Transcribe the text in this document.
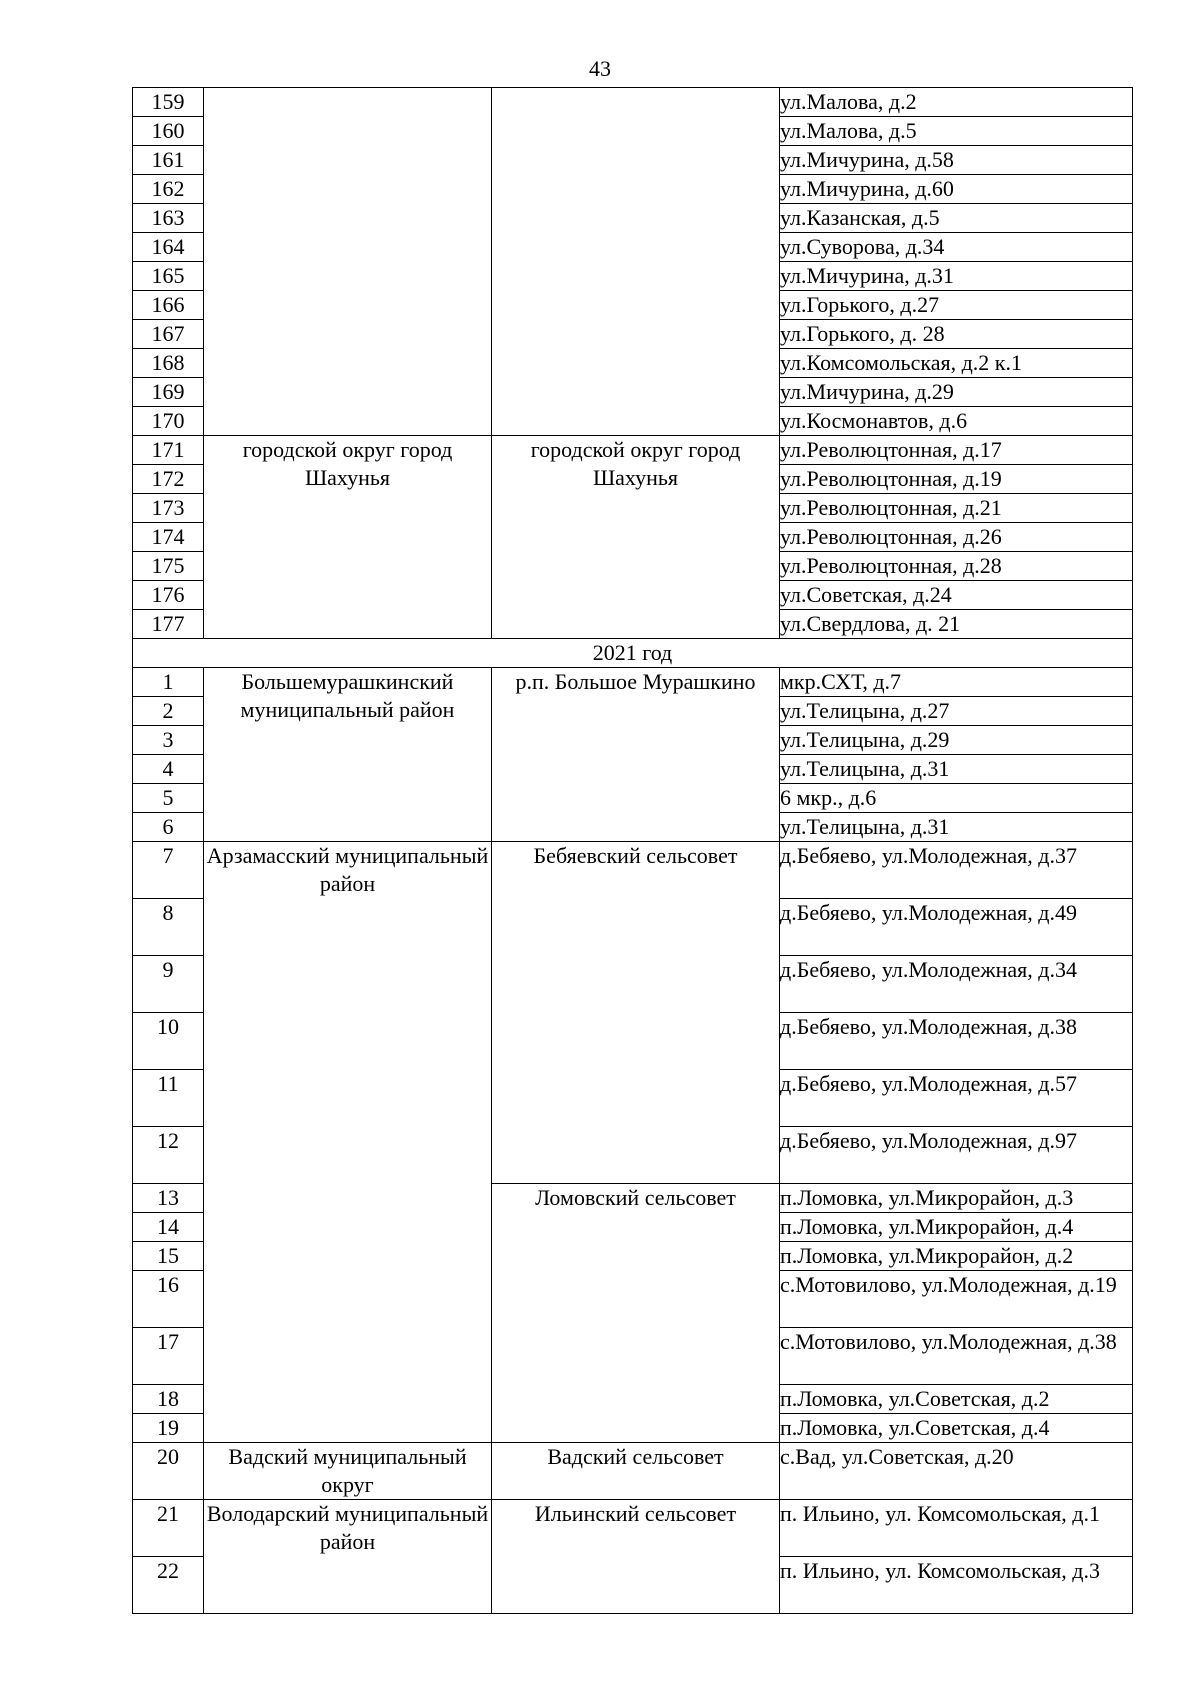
43
159			ул.Малова, д.2
160			ул.Малова, д.5
161			ул.Мичурина, д.58
162			ул.Мичурина, д.60
163			ул.Казанская, д.5
164			ул.Суворова, д.34
165			ул.Мичурина, д.31
166			ул.Горького, д.27
167			ул.Горького, д. 28
168			ул.Комсомольская, д.2 к.1
169			ул.Мичурина, д.29
170			ул.Космонавтов, д.6
171	городской округ город Шахунья	городской округ город Шахунья	ул.Революцтонная, д.17
172			ул.Революцтонная, д.19
173			ул.Революцтонная, д.21
174			ул.Революцтонная, д.26
175			ул.Революцтонная, д.28
176			ул.Советская, д.24
177			ул.Свердлова, д. 21
2021 год			
1	Большемурашкинский муниципальный район	р.п. Большое Мурашкино	мкр.СХТ, д.7
2			ул.Телицына, д.27
3			ул.Телицына, д.29
4			ул.Телицына, д.31
5			6 мкр., д.6
6			ул.Телицына, д.31
7	Арзамасский муниципальный район	Бебяевский сельсовет	д.Бебяево, ул.Молодежная, д.37
8			д.Бебяево, ул.Молодежная, д.49
9			д.Бебяево, ул.Молодежная, д.34
10			д.Бебяево, ул.Молодежная, д.38
11			д.Бебяево, ул.Молодежная, д.57
12			д.Бебяево, ул.Молодежная, д.97
13		Ломовский сельсовет	п.Ломовка, ул.Микрорайон, д.3
14			п.Ломовка, ул.Микрорайон, д.4
15			п.Ломовка, ул.Микрорайон, д.2
16			с.Мотовилово, ул.Молодежная, д.19
17			с.Мотовилово, ул.Молодежная, д.38
18			п.Ломовка, ул.Советская, д.2
19			п.Ломовка, ул.Советская, д.4
20	Вадский муниципальный округ	Вадский сельсовет	с.Вад, ул.Советская, д.20
21	Володарский муниципальный район	Ильинский сельсовет	п. Ильино, ул. Комсомольская, д.1
22			п. Ильино, ул. Комсомольская, д.3
